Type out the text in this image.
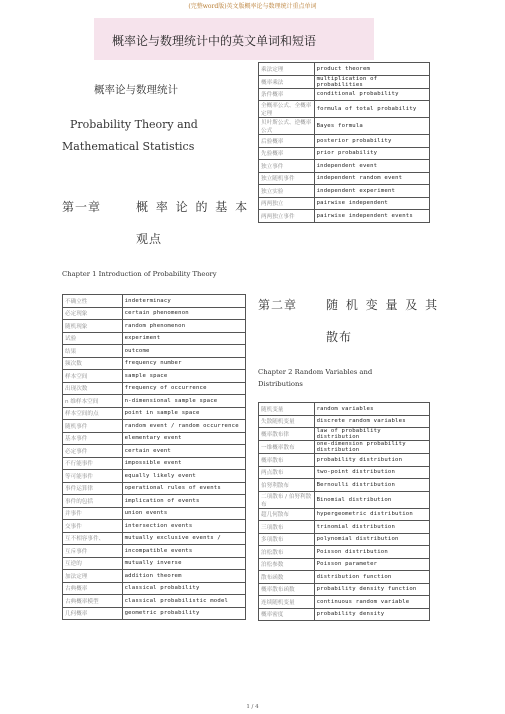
(完整word版)英文版概率论与数理统计重点单词
概率论与数理统计中的英文单词和短语
概率论与数理统计
Probability Theory and
Mathematical Statistics
第一章	概 率 论 的 基 本
观点
Chapter 1 Introduction of Probability Theory
不确立性	indeterminacy
必定现象	certain phenomenon
随机现象	random phenomenon
试验	experiment
结果	outcome
频次数	frequency number
样本空间	sample space
出现次数	frequency of occurrence
n 维样本空间	n-dimensional sample space
样本空间的点	point in sample space
随机事件	random event / random occurrence
基本事件	elementary event
必定事件	certain event
不行能事件	impossible event
等可能事件	equally likely event
事件运算律	operational rules of events
事件的包括	implication of events
并事件	union events
交事件	intersection events
互不相容事件、	mutually exclusive events /
互斥事件	incompatible events
互逆的	mutually inverse
加法定理	addition theorem
古典概率	classical probability
古典概率模型	classical probabilistic model
几何概率	geometric probability
乘法定理	product theorem
概率乘法	multiplication of probabilities
条件概率	conditional probability
全概率公式、全概率定理	formula of total probability
贝叶斯公式、逆概率公式	Bayes formula
后验概率	posterior probability
先验概率	prior probability
独立事件	independent event
独立随机事件	independent random event
独立实验	independent experiment
两两独立	pairwise independent
两两独立事件	pairwise independent events
第二章 随 机 变 量 及 其
散布
Chapter 2 Random Variables and
Distributions
随机变量	random variables
失散随机变量	discrete random variables
概率散布律	law of probability distribution
一维概率散布	one-dimension probability distribution
概率散布	probability distribution
两点散布	two-point distribution
伯努利散布	Bernoulli distribution
二项散布 / 伯努利散布	Binomial distribution
超几何散布	hypergeometric distribution
三项散布	trinomial distribution
多项散布	polynomial distribution
泊松散布	Poisson distribution
泊松参数	Poisson parameter
散布函数	distribution function
概率散布函数	probability density function
连续随机变量	continuous random variable
概率密度	probability density
1 / 4
